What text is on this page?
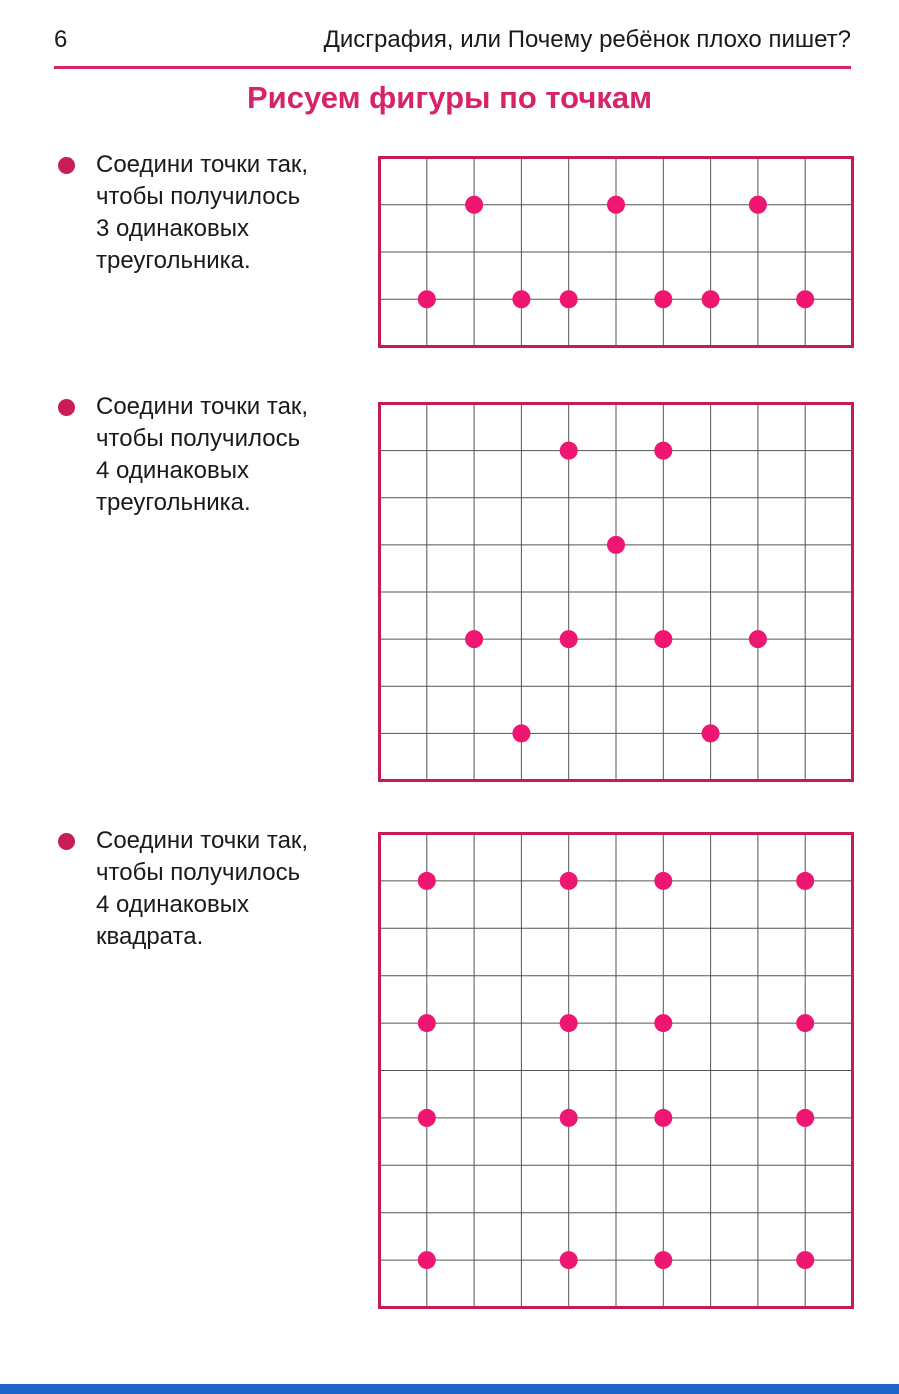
6	Дисграфия, или Почему ребёнок плохо пишет?
Рисуем фигуры по точкам
Соедини точки так,
чтобы получилось
3 одинаковых
треугольника.
Соедини точки так,
чтобы получилось
4 одинаковых
треугольника.
Соедини точки так,
чтобы получилось
4 одинаковых
квадрата.
